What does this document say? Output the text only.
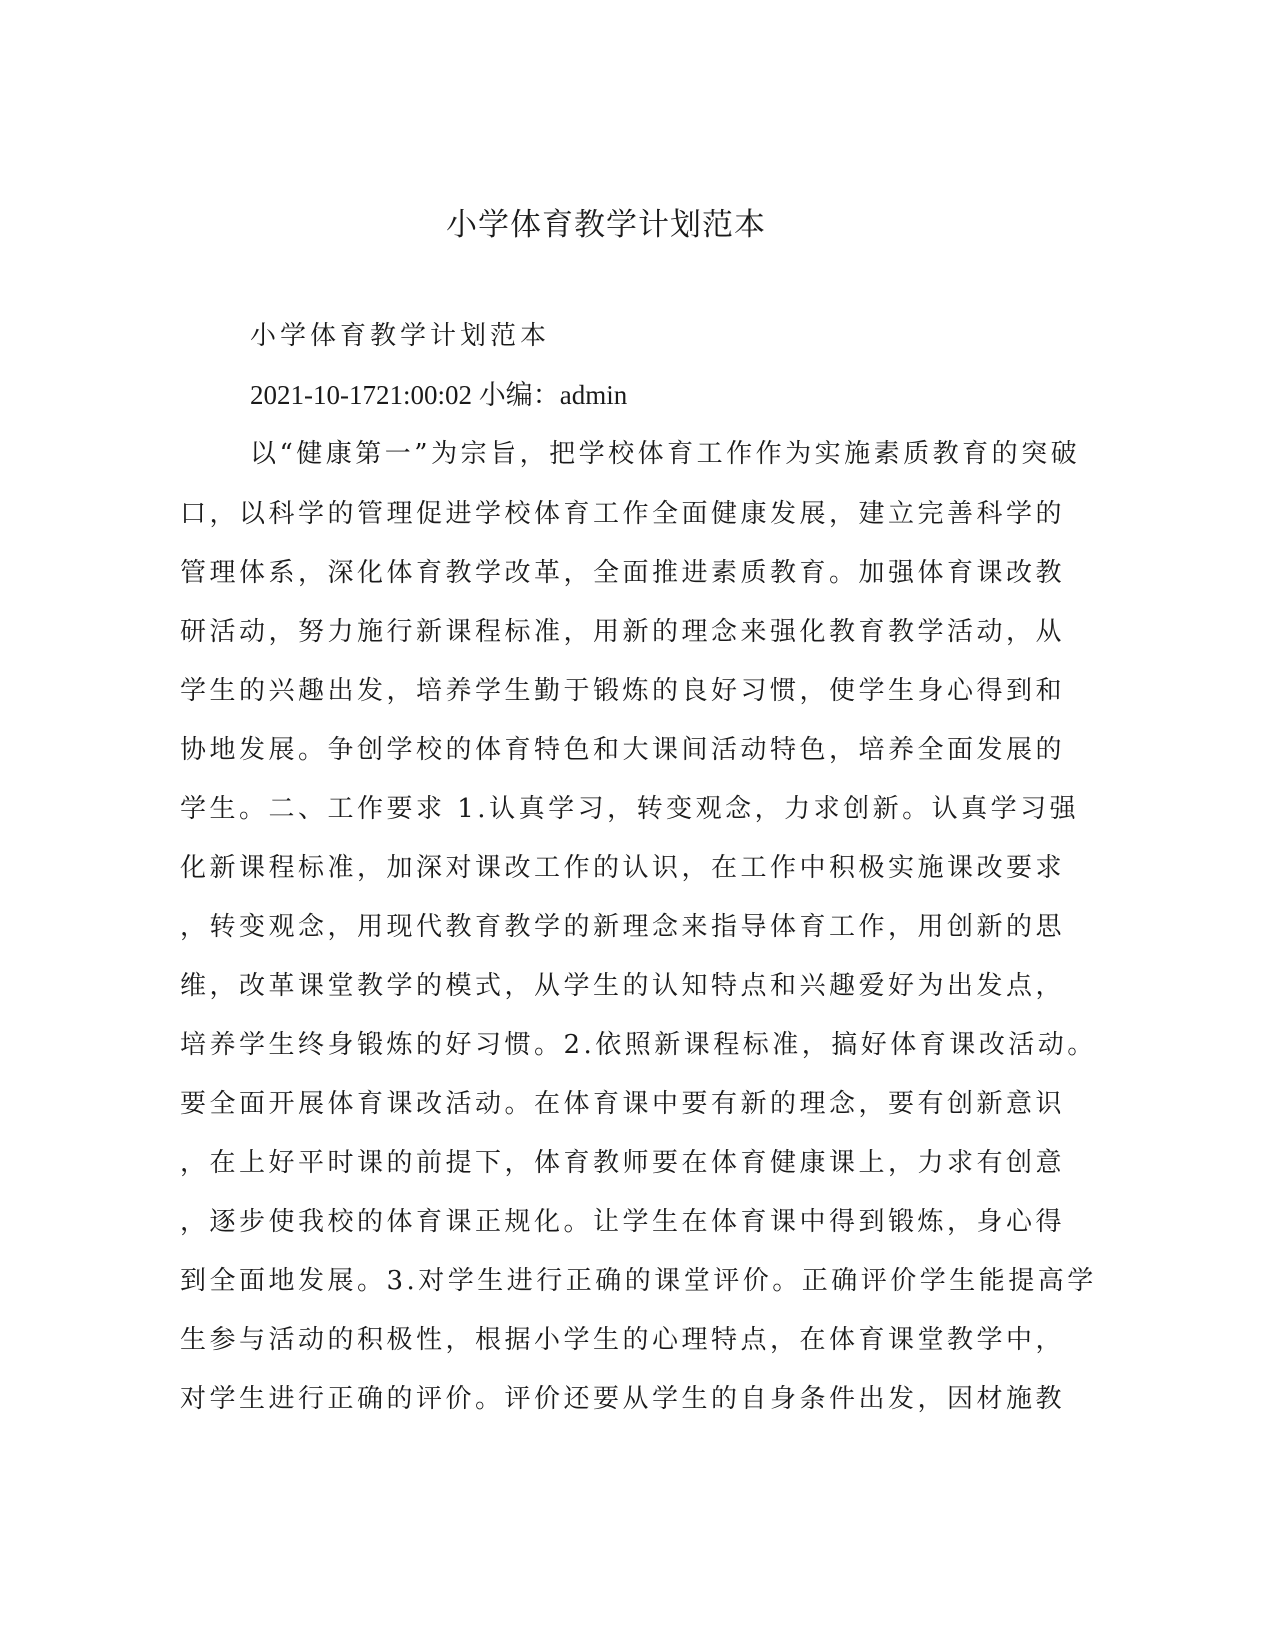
小学体育教学计划范本
小学体育教学计划范本
2021-10-1721:00:02 小编：admin
以“健康第一”为宗旨，把学校体育工作作为实施素质教育的突破
口，以科学的管理促进学校体育工作全面健康发展，建立完善科学的
管理体系，深化体育教学改革，全面推进素质教育。加强体育课改教
研活动，努力施行新课程标准，用新的理念来强化教育教学活动，从
学生的兴趣出发，培养学生勤于锻炼的良好习惯，使学生身心得到和
协地发展。争创学校的体育特色和大课间活动特色，培养全面发展的
学生。二、工作要求 1.认真学习，转变观念，力求创新。认真学习强
化新课程标准，加深对课改工作的认识，在工作中积极实施课改要求
，转变观念，用现代教育教学的新理念来指导体育工作，用创新的思
维，改革课堂教学的模式，从学生的认知特点和兴趣爱好为出发点，
培养学生终身锻炼的好习惯。2.依照新课程标准，搞好体育课改活动。
要全面开展体育课改活动。在体育课中要有新的理念，要有创新意识
，在上好平时课的前提下，体育教师要在体育健康课上，力求有创意
，逐步使我校的体育课正规化。让学生在体育课中得到锻炼，身心得
到全面地发展。3.对学生进行正确的课堂评价。正确评价学生能提高学
生参与活动的积极性，根据小学生的心理特点，在体育课堂教学中，
对学生进行正确的评价。评价还要从学生的自身条件出发，因材施教
